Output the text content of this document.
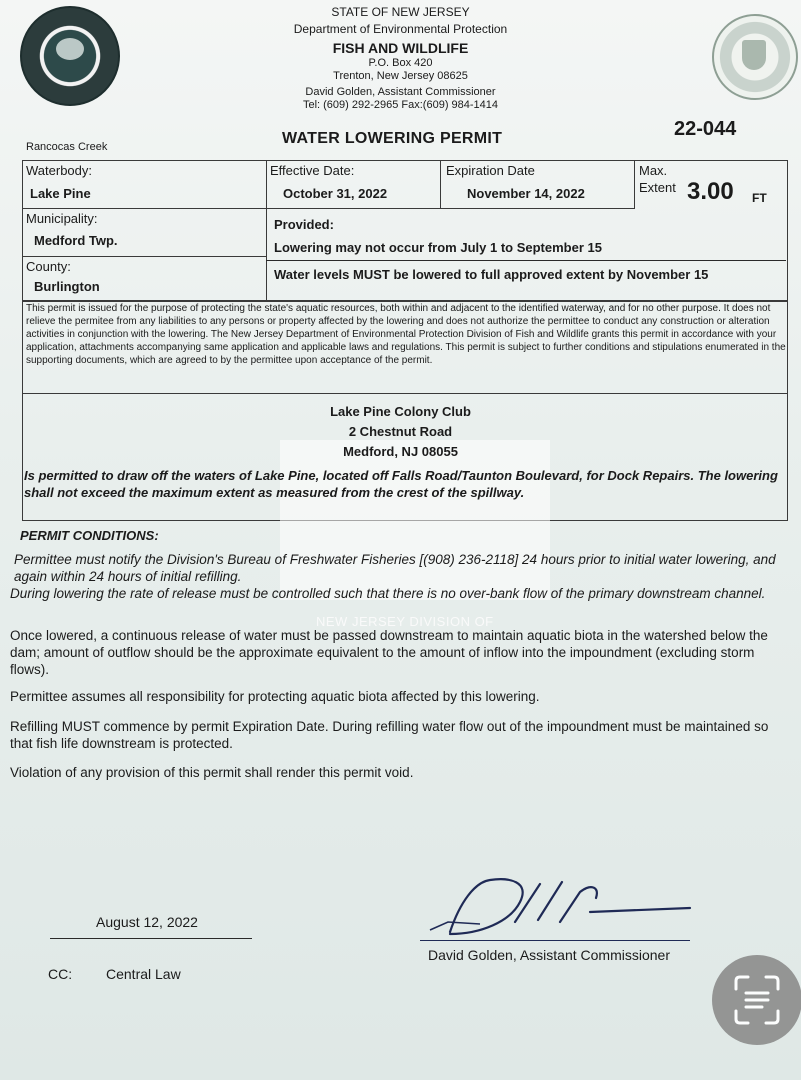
STATE OF NEW JERSEY
Department of Environmental Protection
FISH AND WILDLIFE
P.O. Box 420
Trenton, New Jersey 08625
David Golden, Assistant Commissioner
Tel: (609) 292-2965 Fax:(609) 984-1414
Rancocas Creek	WATER LOWERING PERMIT	22-044
Waterbody:
Lake Pine
Effective Date:
October 31, 2022
Expiration Date
November 14, 2022
Max.
Extent 3.00 FT
Municipality:
Medford Twp.
County:
Burlington
Provided:
Lowering may not occur from July 1 to September 15
Water levels MUST be lowered to full approved extent by November 15
This permit is issued for the purpose of protecting the state's aquatic resources, both within and adjacent to the identified waterway, and for no other purpose. It does not relieve the permitee from any liabilities to any persons or property affected by the lowering and does not authorize the permittee to conduct any construction or alteration activities in conjunction with the lowering. The New Jersey Department of Environmental Protection Division of Fish and Wildlife grants this permit in accordance with your application, attachments accompanying same application and applicable laws and regulations. This permit is subject to further conditions and stipulations enumerated in the supporting documents, which are agreed to by the permittee upon acceptance of the permit.
NEW JERSEY DIVISION OF
Lake Pine Colony Club
2 Chestnut Road
Medford, NJ 08055
Is permitted to draw off the waters of Lake Pine, located off Falls Road/Taunton Boulevard, for Dock Repairs. The lowering shall not exceed the maximum extent as measured from the crest of the spillway.
PERMIT CONDITIONS:
Permittee must notify the Division's Bureau of Freshwater Fisheries [(908) 236-2118] 24 hours prior to initial water lowering, and again within 24 hours of initial refilling.
During lowering the rate of release must be controlled such that there is no over-bank flow of the primary downstream channel.
Once lowered, a continuous release of water must be passed downstream to maintain aquatic biota in the watershed below the dam; amount of outflow should be the approximate equivalent to the amount of inflow into the impoundment (excluding storm flows).
Permittee assumes all responsibility for protecting aquatic biota affected by this lowering.
Refilling MUST commence by permit Expiration Date. During refilling water flow out of the impoundment must be maintained so that fish life downstream is protected.
Violation of any provision of this permit shall render this permit void.
August 12, 2022
CC: Central Law
David Golden, Assistant Commissioner
